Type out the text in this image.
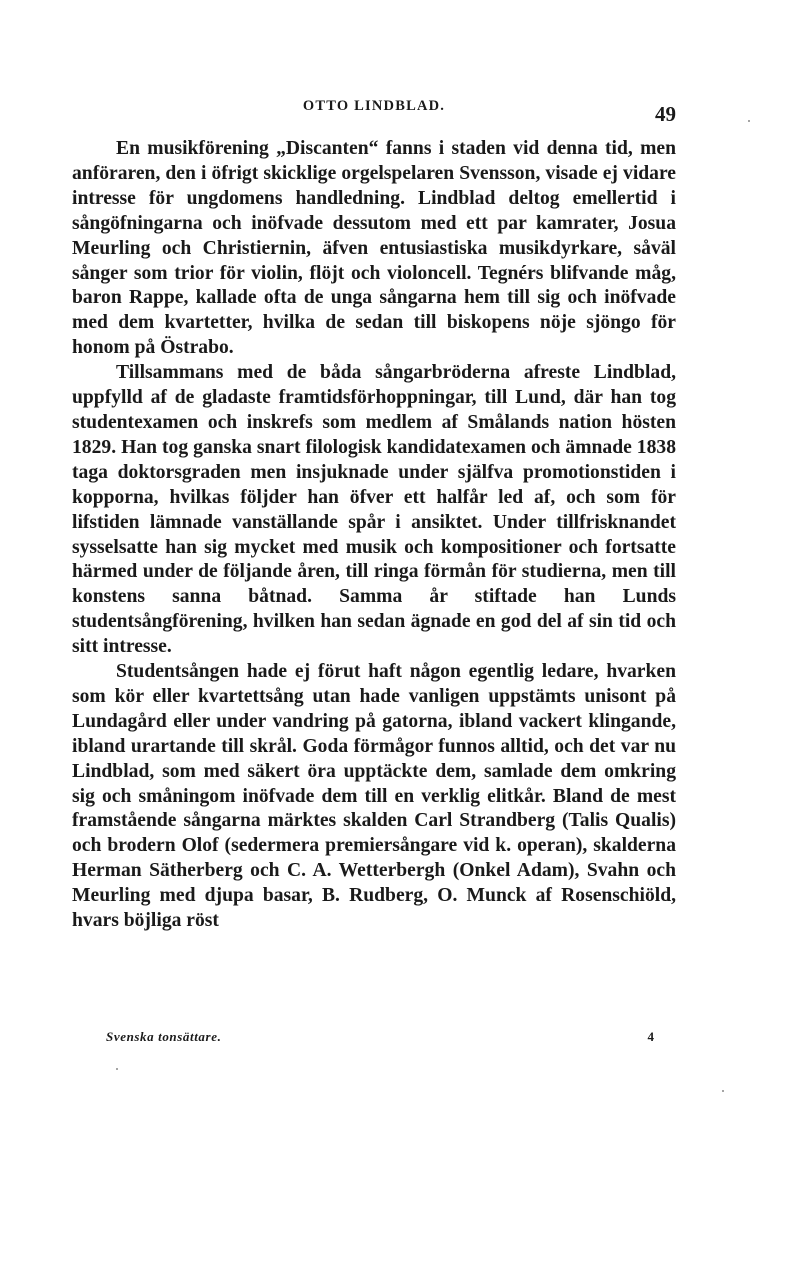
OTTO LINDBLAD.	49

En musikförening „Discanten“ fanns i staden vid denna tid, men anföraren, den i öfrigt skicklige orgelspelaren Svensson, visade ej vidare intresse för ungdomens handledning. Lindblad deltog emellertid i sångöfningarna och inöfvade dessutom med ett par kamrater, Josua Meurling och Christiernin, äfven entusiastiska musikdyrkare, såväl sånger som trior för violin, flöjt och violoncell. Tegnérs blifvande måg, baron Rappe, kallade ofta de unga sångarna hem till sig och inöfvade med dem kvartetter, hvilka de sedan till biskopens nöje sjöngo för honom på Östrabo.

Tillsammans med de båda sångarbröderna afreste Lindblad, uppfylld af de gladaste framtidsförhoppningar, till Lund, där han tog studentexamen och inskrefs som medlem af Smålands nation hösten 1829. Han tog ganska snart filologisk kandidatexamen och ämnade 1838 taga doktorsgraden men insjuknade under själfva promotionstiden i kopporna, hvilkas följder han öfver ett halfår led af, och som för lifstiden lämnade vanställande spår i ansiktet. Under tillfrisknandet sysselsatte han sig mycket med musik och kompositioner och fortsatte härmed under de följande åren, till ringa förmån för studierna, men till konstens sanna båtnad. Samma år stiftade han Lunds studentsångförening, hvilken han sedan ägnade en god del af sin tid och sitt intresse.

Studentsången hade ej förut haft någon egentlig ledare, hvarken som kör eller kvartettsång utan hade vanligen uppstämts unisont på Lundagård eller under vandring på gatorna, ibland vackert klingande, ibland urartande till skrål. Goda förmågor funnos alltid, och det var nu Lindblad, som med säkert öra upptäckte dem, samlade dem omkring sig och småningom inöfvade dem till en verklig elitkår. Bland de mest framstående sångarna märktes skalden Carl Strandberg (Talis Qualis) och brodern Olof (sedermera premiersångare vid k. operan), skalderna Herman Sätherberg och C. A. Wetterbergh (Onkel Adam), Svahn och Meurling med djupa basar, B. Rudberg, O. Munck af Rosenschiöld, hvars böjliga röst

Svenska tonsättare.	4
